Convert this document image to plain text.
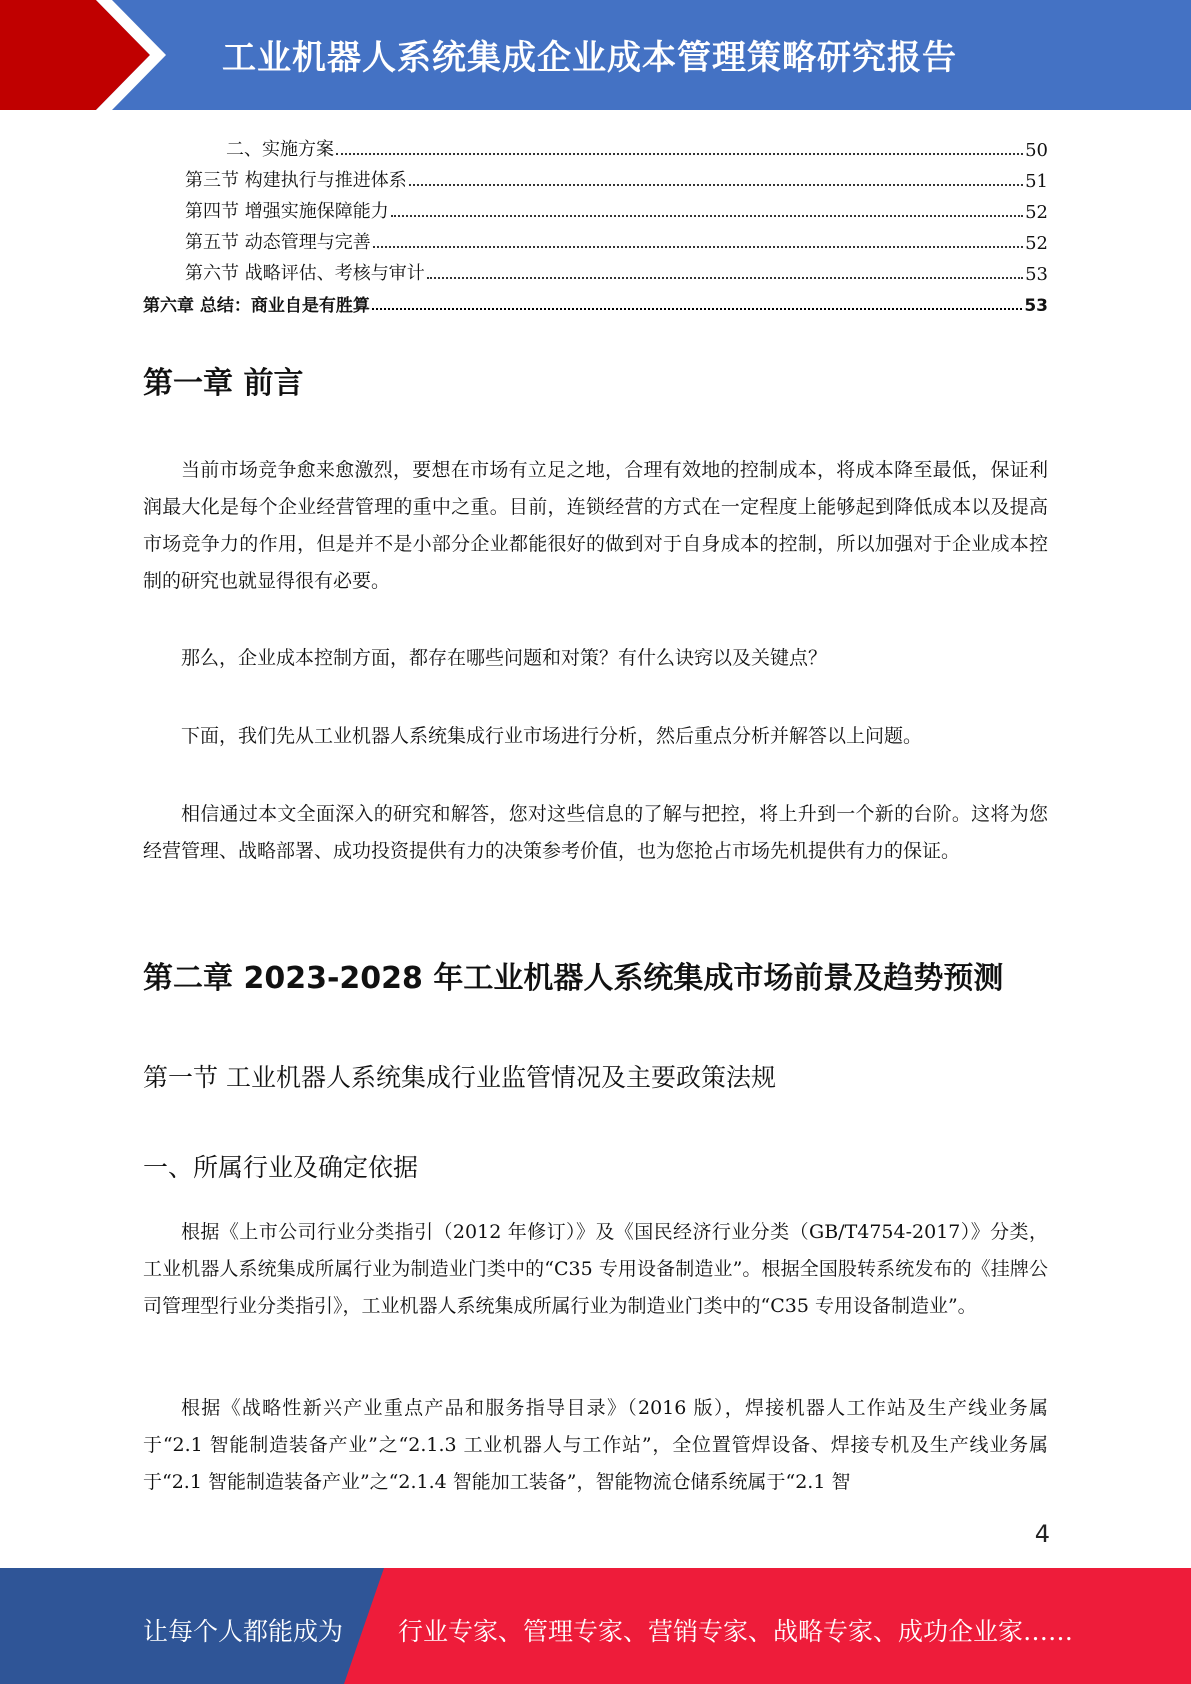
工业机器人系统集成企业成本管理策略研究报告
二、实施方案	50
第三节 构建执行与推进体系	51
第四节 增强实施保障能力	52
第五节 动态管理与完善	52
第六节 战略评估、考核与审计	53
第六章 总结：商业自是有胜算	53
第一章 前言

当前市场竞争愈来愈激烈，要想在市场有立足之地，合理有效地的控制成本，将成本降至最低，保证利润最大化是每个企业经营管理的重中之重。目前，连锁经营的方式在一定程度上能够起到降低成本以及提高市场竞争力的作用，但是并不是小部分企业都能很好的做到对于自身成本的控制，所以加强对于企业成本控制的研究也就显得很有必要。

那么，企业成本控制方面，都存在哪些问题和对策？有什么诀窍以及关键点？

下面，我们先从工业机器人系统集成行业市场进行分析，然后重点分析并解答以上问题。

相信通过本文全面深入的研究和解答，您对这些信息的了解与把控，将上升到一个新的台阶。这将为您经营管理、战略部署、成功投资提供有力的决策参考价值，也为您抢占市场先机提供有力的保证。

第二章 2023-2028 年工业机器人系统集成市场前景及趋势预测
第一节 工业机器人系统集成行业监管情况及主要政策法规
一、所属行业及确定依据

根据《上市公司行业分类指引（2012 年修订）》及《国民经济行业分类（GB/T4754-2017）》分类，工业机器人系统集成所属行业为制造业门类中的“C35 专用设备制造业”。根据全国股转系统发布的《挂牌公司管理型行业分类指引》，工业机器人系统集成所属行业为制造业门类中的“C35 专用设备制造业”。

根据《战略性新兴产业重点产品和服务指导目录》（2016 版），焊接机器人工作站及生产线业务属于“2.1 智能制造装备产业”之“2.1.3 工业机器人与工作站”，全位置管焊设备、焊接专机及生产线业务属于“2.1 智能制造装备产业”之“2.1.4 智能加工装备”，智能物流仓储系统属于“2.1 智

4
让每个人都能成为 行业专家、管理专家、营销专家、战略专家、成功企业家……
